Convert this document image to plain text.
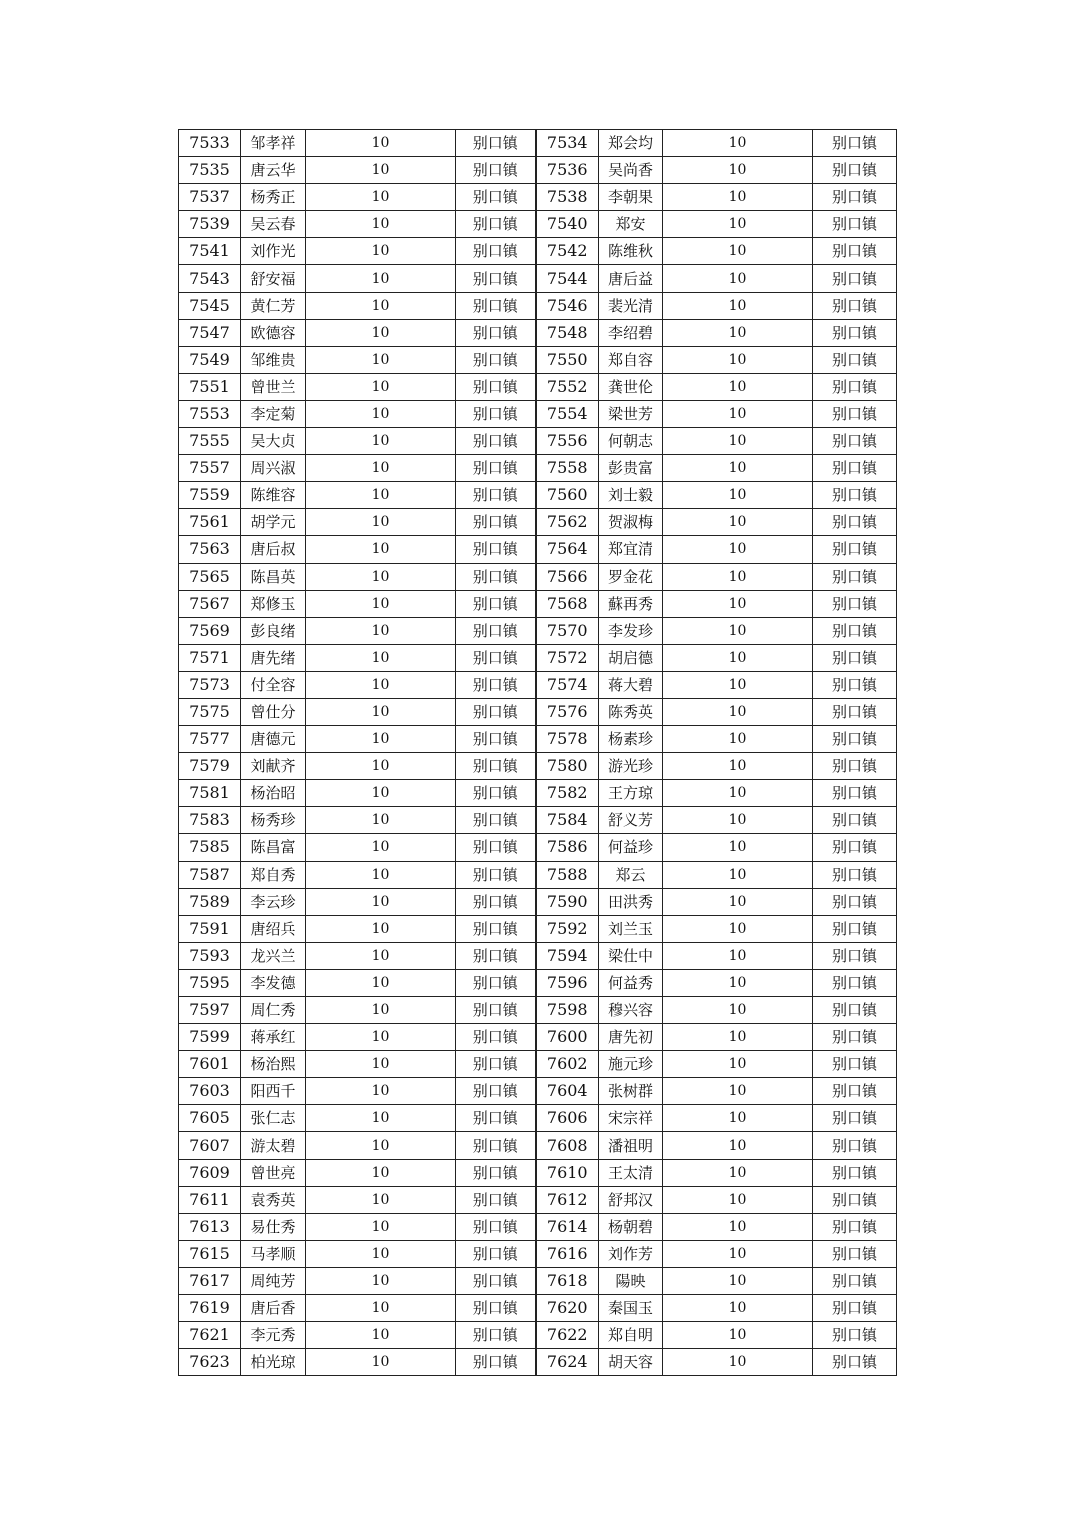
7533	邹孝祥	10	别口镇	7534	郑会均	10	别口镇
7535	唐云华	10	别口镇	7536	吴尚香	10	别口镇
7537	杨秀正	10	别口镇	7538	李朝果	10	别口镇
7539	吴云春	10	别口镇	7540	郑安	10	别口镇
7541	刘作光	10	别口镇	7542	陈维秋	10	别口镇
7543	舒安福	10	别口镇	7544	唐后益	10	别口镇
7545	黄仁芳	10	别口镇	7546	裴光清	10	别口镇
7547	欧德容	10	别口镇	7548	李绍碧	10	别口镇
7549	邹维贵	10	别口镇	7550	郑自容	10	别口镇
7551	曾世兰	10	别口镇	7552	龚世伦	10	别口镇
7553	李定菊	10	别口镇	7554	梁世芳	10	别口镇
7555	吴大贞	10	别口镇	7556	何朝志	10	别口镇
7557	周兴淑	10	别口镇	7558	彭贵富	10	别口镇
7559	陈维容	10	别口镇	7560	刘士毅	10	别口镇
7561	胡学元	10	别口镇	7562	贺淑梅	10	别口镇
7563	唐后叔	10	别口镇	7564	郑宜清	10	别口镇
7565	陈昌英	10	别口镇	7566	罗金花	10	别口镇
7567	郑修玉	10	别口镇	7568	蘇再秀	10	别口镇
7569	彭良绪	10	别口镇	7570	李发珍	10	别口镇
7571	唐先绪	10	别口镇	7572	胡启德	10	别口镇
7573	付全容	10	别口镇	7574	蒋大碧	10	别口镇
7575	曾仕分	10	别口镇	7576	陈秀英	10	别口镇
7577	唐德元	10	别口镇	7578	杨素珍	10	别口镇
7579	刘献齐	10	别口镇	7580	游光珍	10	别口镇
7581	杨治昭	10	别口镇	7582	王方琼	10	别口镇
7583	杨秀珍	10	别口镇	7584	舒义芳	10	别口镇
7585	陈昌富	10	别口镇	7586	何益珍	10	别口镇
7587	郑自秀	10	别口镇	7588	郑云	10	别口镇
7589	李云珍	10	别口镇	7590	田洪秀	10	别口镇
7591	唐绍兵	10	别口镇	7592	刘兰玉	10	别口镇
7593	龙兴兰	10	别口镇	7594	梁仕中	10	别口镇
7595	李发德	10	别口镇	7596	何益秀	10	别口镇
7597	周仁秀	10	别口镇	7598	穆兴容	10	别口镇
7599	蒋承红	10	别口镇	7600	唐先初	10	别口镇
7601	杨治熙	10	别口镇	7602	施元珍	10	别口镇
7603	阳西千	10	别口镇	7604	张树群	10	别口镇
7605	张仁志	10	别口镇	7606	宋宗祥	10	别口镇
7607	游太碧	10	别口镇	7608	潘祖明	10	别口镇
7609	曾世亮	10	别口镇	7610	王太清	10	别口镇
7611	袁秀英	10	别口镇	7612	舒邦汉	10	别口镇
7613	易仕秀	10	别口镇	7614	杨朝碧	10	别口镇
7615	马孝顺	10	别口镇	7616	刘作芳	10	别口镇
7617	周纯芳	10	别口镇	7618	陽映	10	别口镇
7619	唐后香	10	别口镇	7620	秦国玉	10	别口镇
7621	李元秀	10	别口镇	7622	郑自明	10	别口镇
7623	柏光琼	10	别口镇	7624	胡天容	10	别口镇
